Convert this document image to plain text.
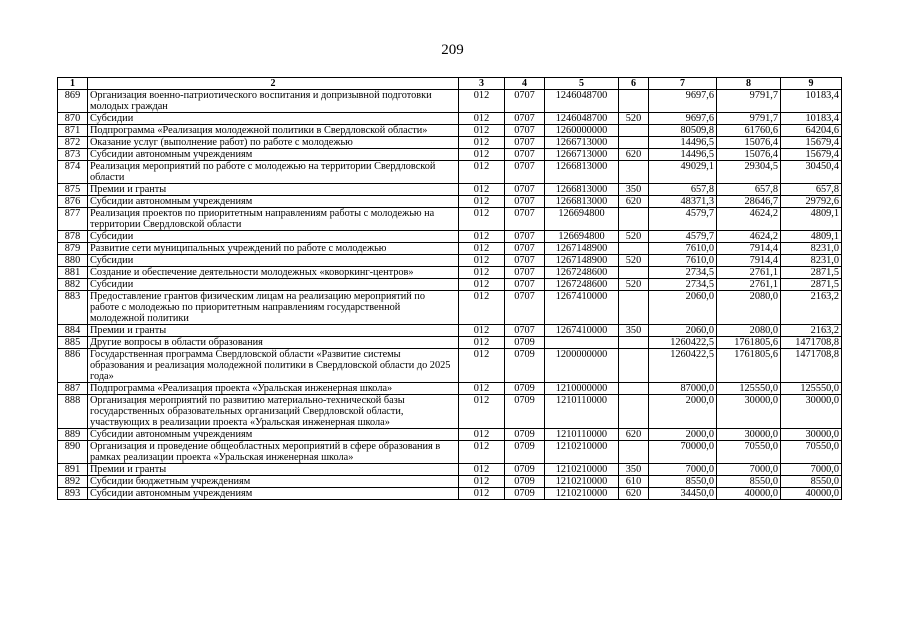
209
1	2	3	4	5	6	7	8	9
869	Организация военно-патриотического воспитания и допризывной подготовки молодых граждан	012	0707	1246048700		9697,6	9791,7	10183,4
870	Субсидии	012	0707	1246048700	520	9697,6	9791,7	10183,4
871	Подпрограмма «Реализация молодежной политики в Свердловской области»	012	0707	1260000000		80509,8	61760,6	64204,6
872	Оказание услуг (выполнение работ) по работе с молодежью	012	0707	1266713000		14496,5	15076,4	15679,4
873	Субсидии автономным учреждениям	012	0707	1266713000	620	14496,5	15076,4	15679,4
874	Реализация мероприятий по работе с молодежью на территории Свердловской области	012	0707	1266813000		49029,1	29304,5	30450,4
875	Премии и гранты	012	0707	1266813000	350	657,8	657,8	657,8
876	Субсидии автономным учреждениям	012	0707	1266813000	620	48371,3	28646,7	29792,6
877	Реализация проектов по приоритетным направлениям работы с молодежью на территории Свердловской области	012	0707	126694800		4579,7	4624,2	4809,1
878	Субсидии	012	0707	126694800	520	4579,7	4624,2	4809,1
879	Развитие сети муниципальных учреждений по работе с молодежью	012	0707	1267148900		7610,0	7914,4	8231,0
880	Субсидии	012	0707	1267148900	520	7610,0	7914,4	8231,0
881	Создание и обеспечение деятельности молодежных «коворкинг-центров»	012	0707	1267248600		2734,5	2761,1	2871,5
882	Субсидии	012	0707	1267248600	520	2734,5	2761,1	2871,5
883	Предоставление грантов физическим лицам на реализацию мероприятий по работе с молодежью по приоритетным направлениям государственной молодежной политики	012	0707	1267410000		2060,0	2080,0	2163,2
884	Премии и гранты	012	0707	1267410000	350	2060,0	2080,0	2163,2
885	Другие вопросы в области образования	012	0709			1260422,5	1761805,6	1471708,8
886	Государственная программа Свердловской области «Развитие системы образования и реализация молодежной политики в Свердловской области до 2025 года»	012	0709	1200000000		1260422,5	1761805,6	1471708,8
887	Подпрограмма «Реализация проекта «Уральская инженерная школа»	012	0709	1210000000		87000,0	125550,0	125550,0
888	Организация мероприятий по развитию материально-технической базы государственных образовательных организаций Свердловской области, участвующих в реализации проекта «Уральская инженерная школа»	012	0709	1210110000		2000,0	30000,0	30000,0
889	Субсидии автономным учреждениям	012	0709	1210110000	620	2000,0	30000,0	30000,0
890	Организация и проведение общеобластных мероприятий в сфере образования в рамках реализации проекта «Уральская инженерная школа»	012	0709	1210210000		70000,0	70550,0	70550,0
891	Премии и гранты	012	0709	1210210000	350	7000,0	7000,0	7000,0
892	Субсидии бюджетным учреждениям	012	0709	1210210000	610	8550,0	8550,0	8550,0
893	Субсидии автономным учреждениям	012	0709	1210210000	620	34450,0	40000,0	40000,0
